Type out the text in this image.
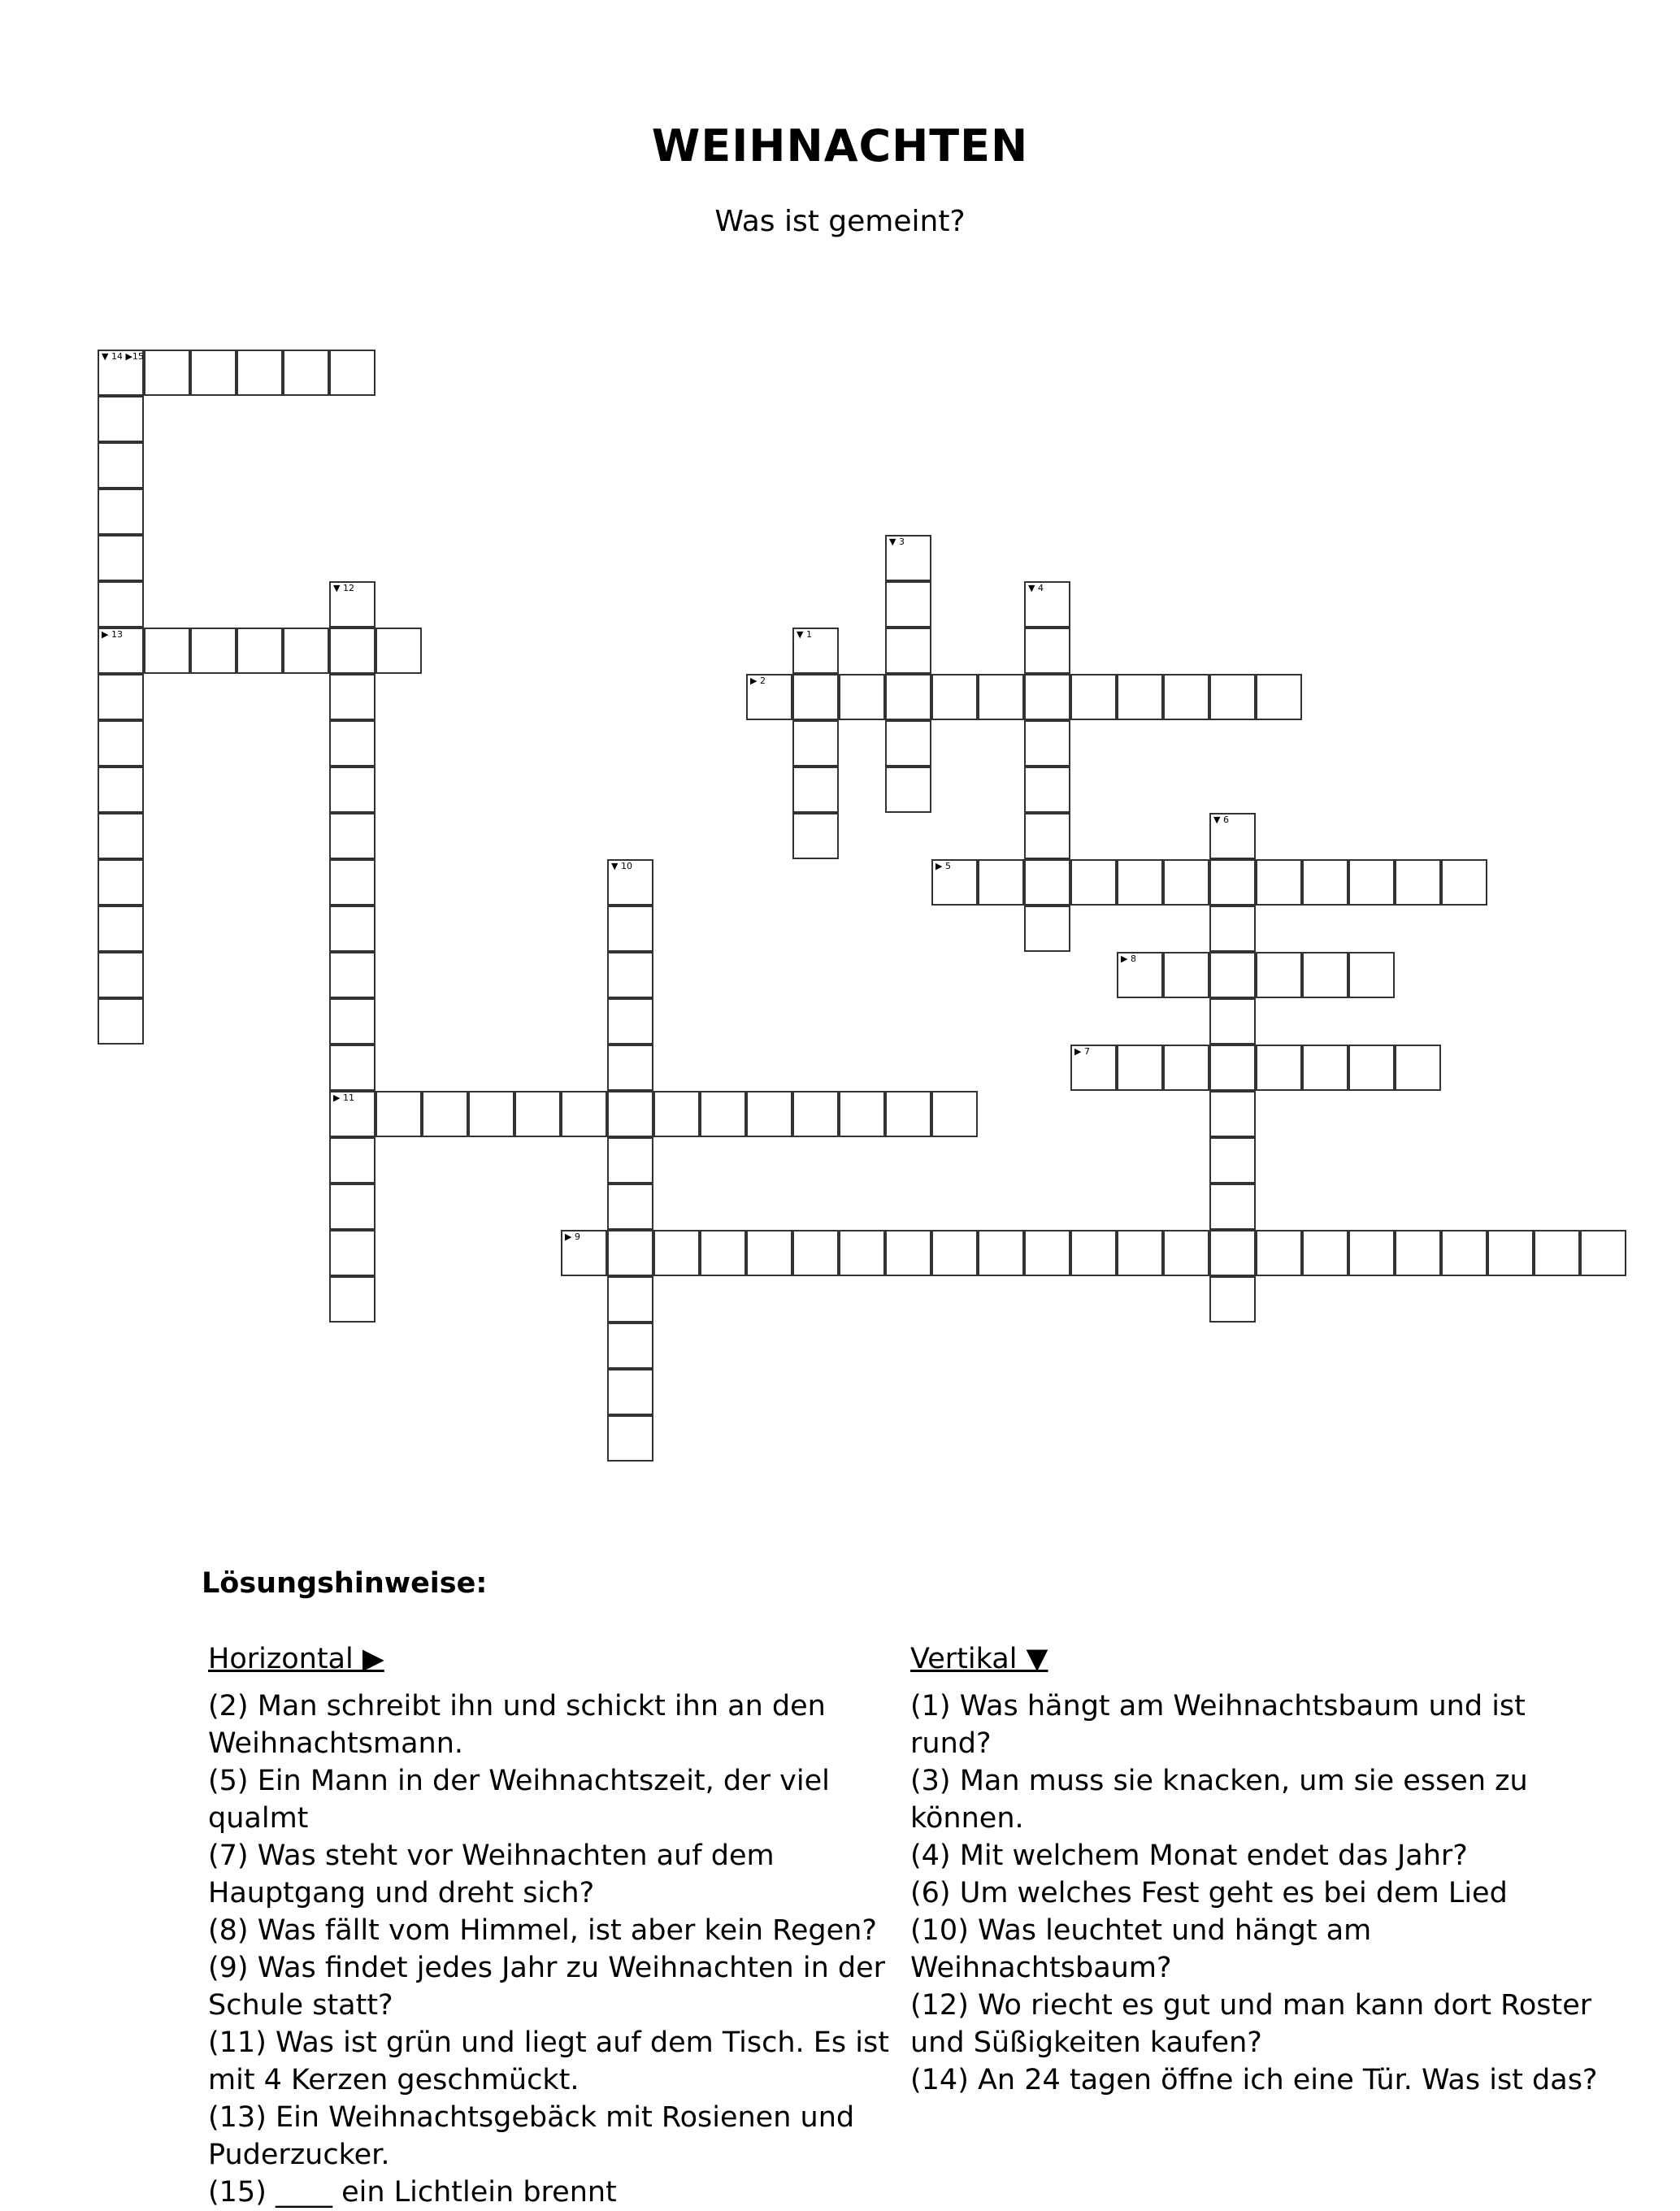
WEIHNACHTEN
Was ist gemeint?
▼ 14 ▶15
▶ 13
▼ 3
▼ 12
▶ 11
▼ 4
▼ 1
▶ 2
▼ 6
▼ 10	▶ 5
▶ 8
▶ 7
▶ 9
Lösungshinweise:
Horizontal ▶

(2) Man schreibt ihn und schickt ihn an den Weihnachtsmann.

(5) Ein Mann in der Weihnachtszeit, der viel qualmt

(7) Was steht vor Weihnachten auf dem Hauptgang und dreht sich?

(8) Was fällt vom Himmel, ist aber kein Regen?

(9) Was findet jedes Jahr zu Weihnachten in der Schule statt?

(11) Was ist grün und liegt auf dem Tisch. Es ist mit 4 Kerzen geschmückt.

(13) Ein Weihnachtsgebäck mit Rosienen und Puderzucker.

(15) ____ ein Lichtlein brennt

Vertikal ▼

(1) Was hängt am Weihnachtsbaum und ist rund?

(3) Man muss sie knacken, um sie essen zu können.

(4) Mit welchem Monat endet das Jahr?

(6) Um welches Fest geht es bei dem Lied

(10) Was leuchtet und hängt am Weihnachtsbaum?

(12) Wo riecht es gut und man kann dort Roster und Süßigkeiten kaufen?

(14) An 24 tagen öffne ich eine Tür. Was ist das?
